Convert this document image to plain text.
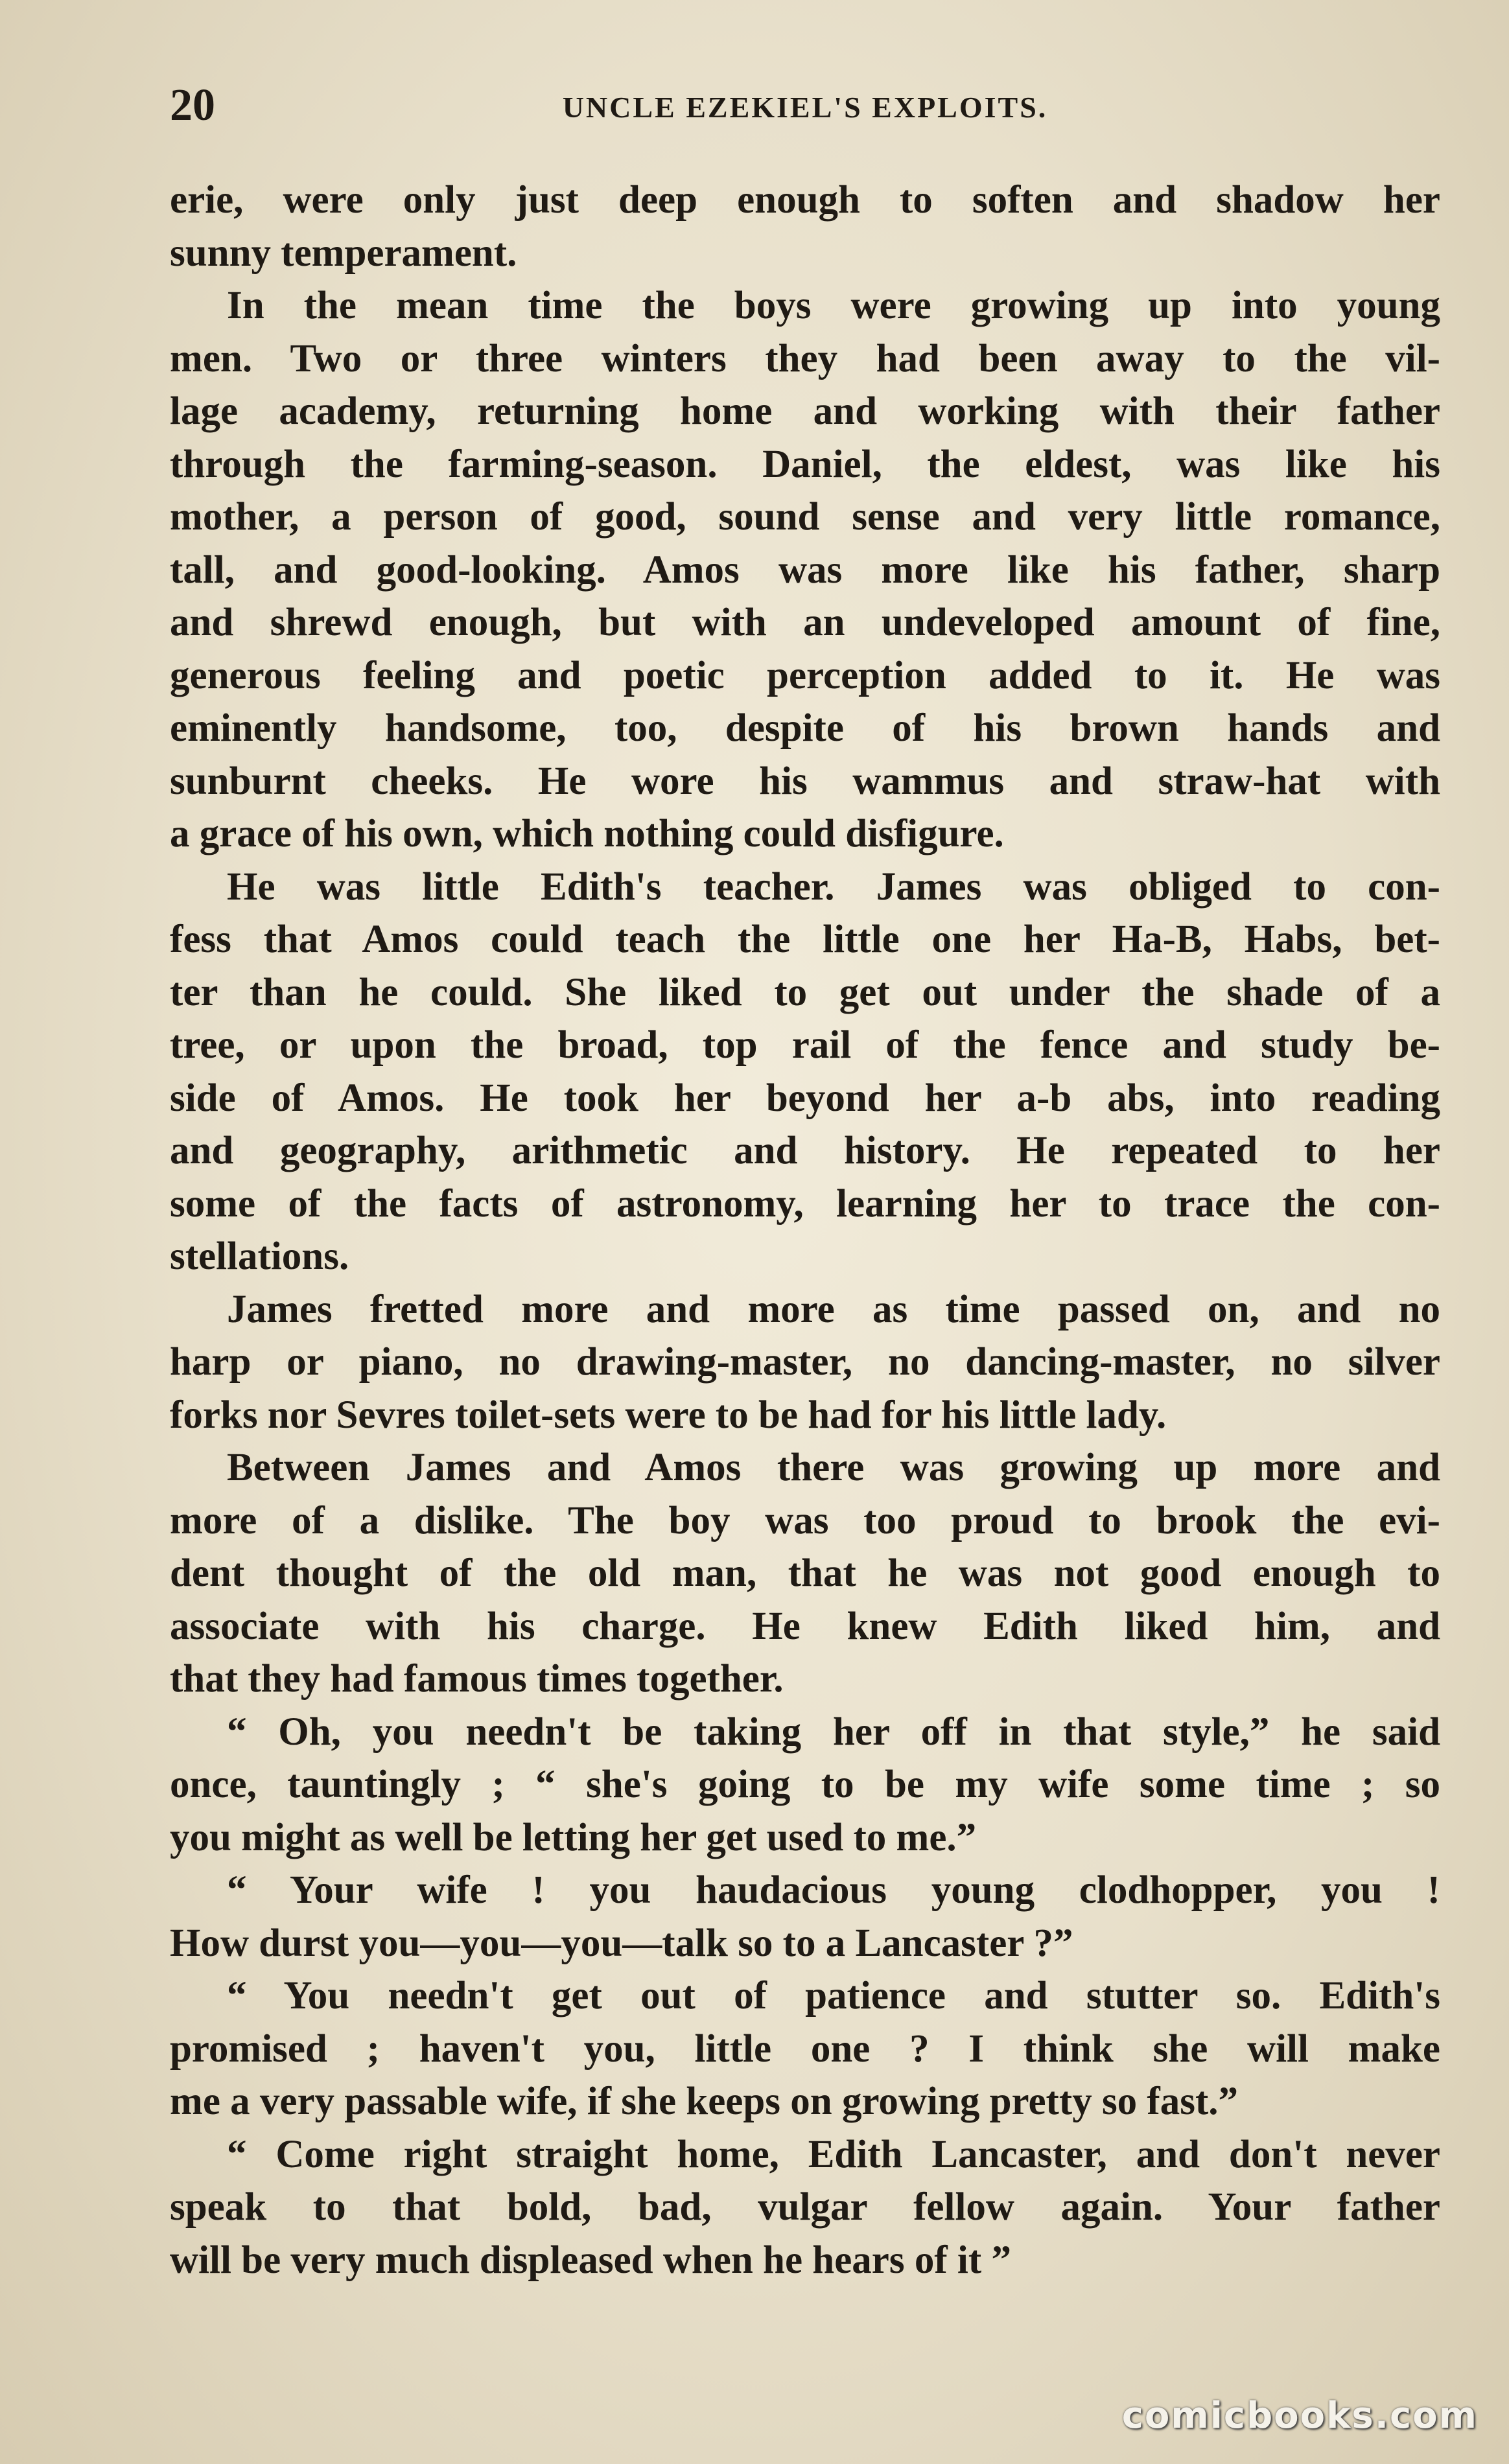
20	UNCLE EZEKIEL'S EXPLOITS.
erie, were only just deep enough to soften and shadow her
sunny temperament.
In the mean time the boys were growing up into young
men. Two or three winters they had been away to the vil-
lage academy, returning home and working with their father
through the farming-season. Daniel, the eldest, was like his
mother, a person of good, sound sense and very little romance,
tall, and good-looking. Amos was more like his father, sharp
and shrewd enough, but with an undeveloped amount of fine,
generous feeling and poetic perception added to it. He was
eminently handsome, too, despite of his brown hands and
sunburnt cheeks. He wore his wammus and straw-hat with
a grace of his own, which nothing could disfigure.
He was little Edith's teacher. James was obliged to con-
fess that Amos could teach the little one her Ha-B, Habs, bet-
ter than he could. She liked to get out under the shade of a
tree, or upon the broad, top rail of the fence and study be-
side of Amos. He took her beyond her a-b abs, into reading
and geography, arithmetic and history. He repeated to her
some of the facts of astronomy, learning her to trace the con-
stellations.
James fretted more and more as time passed on, and no
harp or piano, no drawing-master, no dancing-master, no silver
forks nor Sevres toilet-sets were to be had for his little lady.
Between James and Amos there was growing up more and
more of a dislike. The boy was too proud to brook the evi-
dent thought of the old man, that he was not good enough to
associate with his charge. He knew Edith liked him, and
that they had famous times together.
“ Oh, you needn't be taking her off in that style,” he said
once, tauntingly ; “ she's going to be my wife some time ; so
you might as well be letting her get used to me.”
“ Your wife ! you haudacious young clodhopper, you !
How durst you—you—you—talk so to a Lancaster ?”
“ You needn't get out of patience and stutter so. Edith's
promised ; haven't you, little one ? I think she will make
me a very passable wife, if she keeps on growing pretty so fast.”
“ Come right straight home, Edith Lancaster, and don't never
speak to that bold, bad, vulgar fellow again. Your father
will be very much displeased when he hears of it ”
comicbooks.com
